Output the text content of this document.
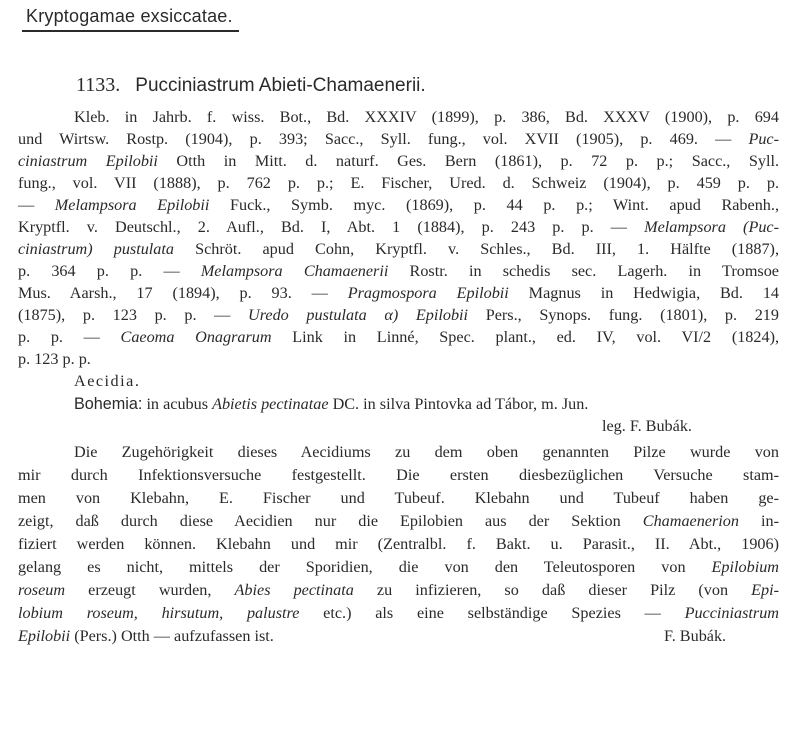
Kryptogamae exsiccatae.
1133. Pucciniastrum Abieti-Chamaenerii.
Kleb. in Jahrb. f. wiss. Bot., Bd. XXXIV (1899), p. 386, Bd. XXXV (1900), p. 694
und Wirtsw. Rostp. (1904), p. 393; Sacc., Syll. fung., vol. XVII (1905), p. 469. — Puc-
ciniastrum Epilobii Otth in Mitt. d. naturf. Ges. Bern (1861), p. 72 p. p.; Sacc., Syll.
fung., vol. VII (1888), p. 762 p. p.; E. Fischer, Ured. d. Schweiz (1904), p. 459 p. p.
— Melampsora Epilobii Fuck., Symb. myc. (1869), p. 44 p. p.; Wint. apud Rabenh.,
Kryptfl. v. Deutschl., 2. Aufl., Bd. I, Abt. 1 (1884), p. 243 p. p. — Melampsora (Puc-
ciniastrum) pustulata Schröt. apud Cohn, Kryptfl. v. Schles., Bd. III, 1. Hälfte (1887),
p. 364 p. p. — Melampsora Chamaenerii Rostr. in schedis sec. Lagerh. in Tromsoe
Mus. Aarsh., 17 (1894), p. 93. — Pragmospora Epilobii Magnus in Hedwigia, Bd. 14
(1875), p. 123 p. p. — Uredo pustulata α) Epilobii Pers., Synops. fung. (1801), p. 219
p. p. — Caeoma Onagrarum Link in Linné, Spec. plant., ed. IV, vol. VI/2 (1824),
p. 123 p. p.
Aecidia.
Bohemia: in acubus Abietis pectinatae DC. in silva Pintovka ad Tábor, m. Jun.
leg. F. Bubák.
Die Zugehörigkeit dieses Aecidiums zu dem oben genannten Pilze wurde von
mir durch Infektionsversuche festgestellt. Die ersten diesbezüglichen Versuche stam-
men von Klebahn, E. Fischer und Tubeuf. Klebahn und Tubeuf haben ge-
zeigt, daß durch diese Aecidien nur die Epilobien aus der Sektion Chamaenerion in-
fiziert werden können. Klebahn und mir (Zentralbl. f. Bakt. u. Parasit., II. Abt., 1906)
gelang es nicht, mittels der Sporidien, die von den Teleutosporen von Epilobium
roseum erzeugt wurden, Abies pectinata zu infizieren, so daß dieser Pilz (von Epi-
lobium roseum, hirsutum, palustre etc.) als eine selbständige Spezies — Pucciniastrum
Epilobii (Pers.) Otth — aufzufassen ist.	F. Bubák.
